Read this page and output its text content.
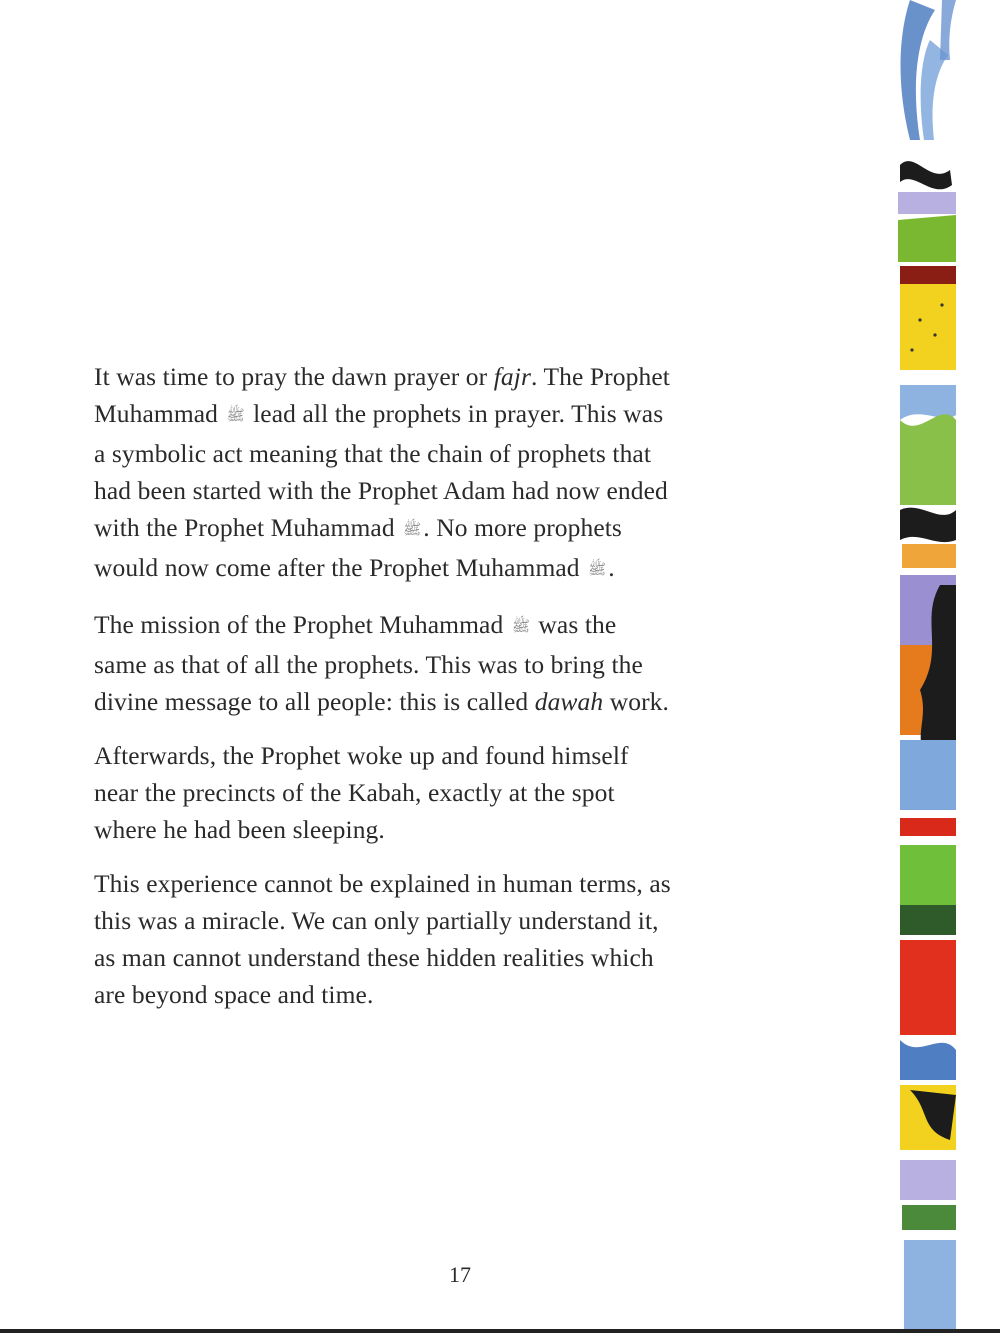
It was time to pray the dawn prayer or fajr. The Prophet
Muhammad ﷺ lead all the prophets in prayer. This was
a symbolic act meaning that the chain of prophets that
had been started with the Prophet Adam had now ended
with the Prophet Muhammad ﷺ. No more prophets
would now come after the Prophet Muhammad ﷺ.

The mission of the Prophet Muhammad ﷺ was the
same as that of all the prophets. This was to bring the
divine message to all people: this is called dawah work.

Afterwards, the Prophet woke up and found himself
near the precincts of the Kabah, exactly at the spot
where he had been sleeping.

This experience cannot be explained in human terms, as
this was a miracle. We can only partially understand it,
as man cannot understand these hidden realities which
are beyond space and time.

17
